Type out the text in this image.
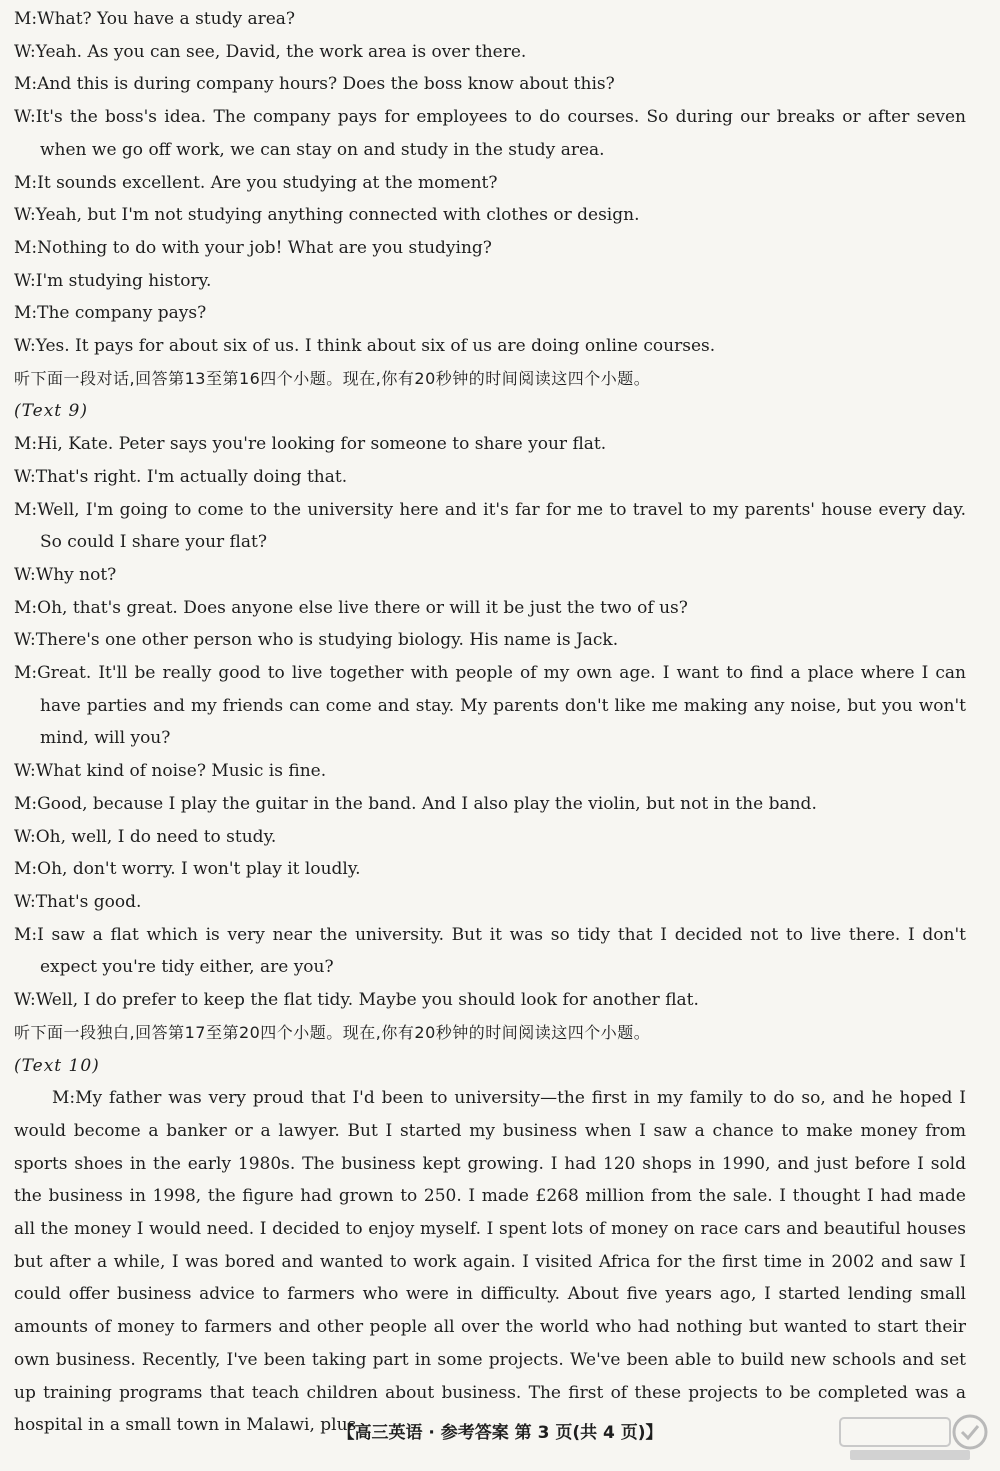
M:What? You have a study area?
W:Yeah. As you can see, David, the work area is over there.
M:And this is during company hours? Does the boss know about this?
W:It's the boss's idea. The company pays for employees to do courses. So during our breaks or after seven when we go off work, we can stay on and study in the study area.
M:It sounds excellent. Are you studying at the moment?
W:Yeah, but I'm not studying anything connected with clothes or design.
M:Nothing to do with your job! What are you studying?
W:I'm studying history.
M:The company pays?
W:Yes. It pays for about six of us. I think about six of us are doing online courses.
听下面一段对话,回答第13至第16四个小题。现在,你有20秒钟的时间阅读这四个小题。
(Text 9)
M:Hi, Kate. Peter says you're looking for someone to share your flat.
W:That's right. I'm actually doing that.
M:Well, I'm going to come to the university here and it's far for me to travel to my parents' house every day. So could I share your flat?
W:Why not?
M:Oh, that's great. Does anyone else live there or will it be just the two of us?
W:There's one other person who is studying biology. His name is Jack.
M:Great. It'll be really good to live together with people of my own age. I want to find a place where I can have parties and my friends can come and stay. My parents don't like me making any noise, but you won't mind, will you?
W:What kind of noise? Music is fine.
M:Good, because I play the guitar in the band. And I also play the violin, but not in the band.
W:Oh, well, I do need to study.
M:Oh, don't worry. I won't play it loudly.
W:That's good.
M:I saw a flat which is very near the university. But it was so tidy that I decided not to live there. I don't expect you're tidy either, are you?
W:Well, I do prefer to keep the flat tidy. Maybe you should look for another flat.
听下面一段独白,回答第17至第20四个小题。现在,你有20秒钟的时间阅读这四个小题。
(Text 10)
M:My father was very proud that I'd been to university—the first in my family to do so, and he hoped I would become a banker or a lawyer. But I started my business when I saw a chance to make money from sports shoes in the early 1980s. The business kept growing. I had 120 shops in 1990, and just before I sold the business in 1998, the figure had grown to 250. I made £268 million from the sale. I thought I had made all the money I would need. I decided to enjoy myself. I spent lots of money on race cars and beautiful houses but after a while, I was bored and wanted to work again. I visited Africa for the first time in 2002 and saw I could offer business advice to farmers who were in difficulty. About five years ago, I started lending small amounts of money to farmers and other people all over the world who had nothing but wanted to start their own business. Recently, I've been taking part in some projects. We've been able to build new schools and set up training programs that teach children about business. The first of these projects to be completed was a hospital in a small town in Malawi, plus
【高三英语 · 参考答案 第 3 页(共 4 页)】
